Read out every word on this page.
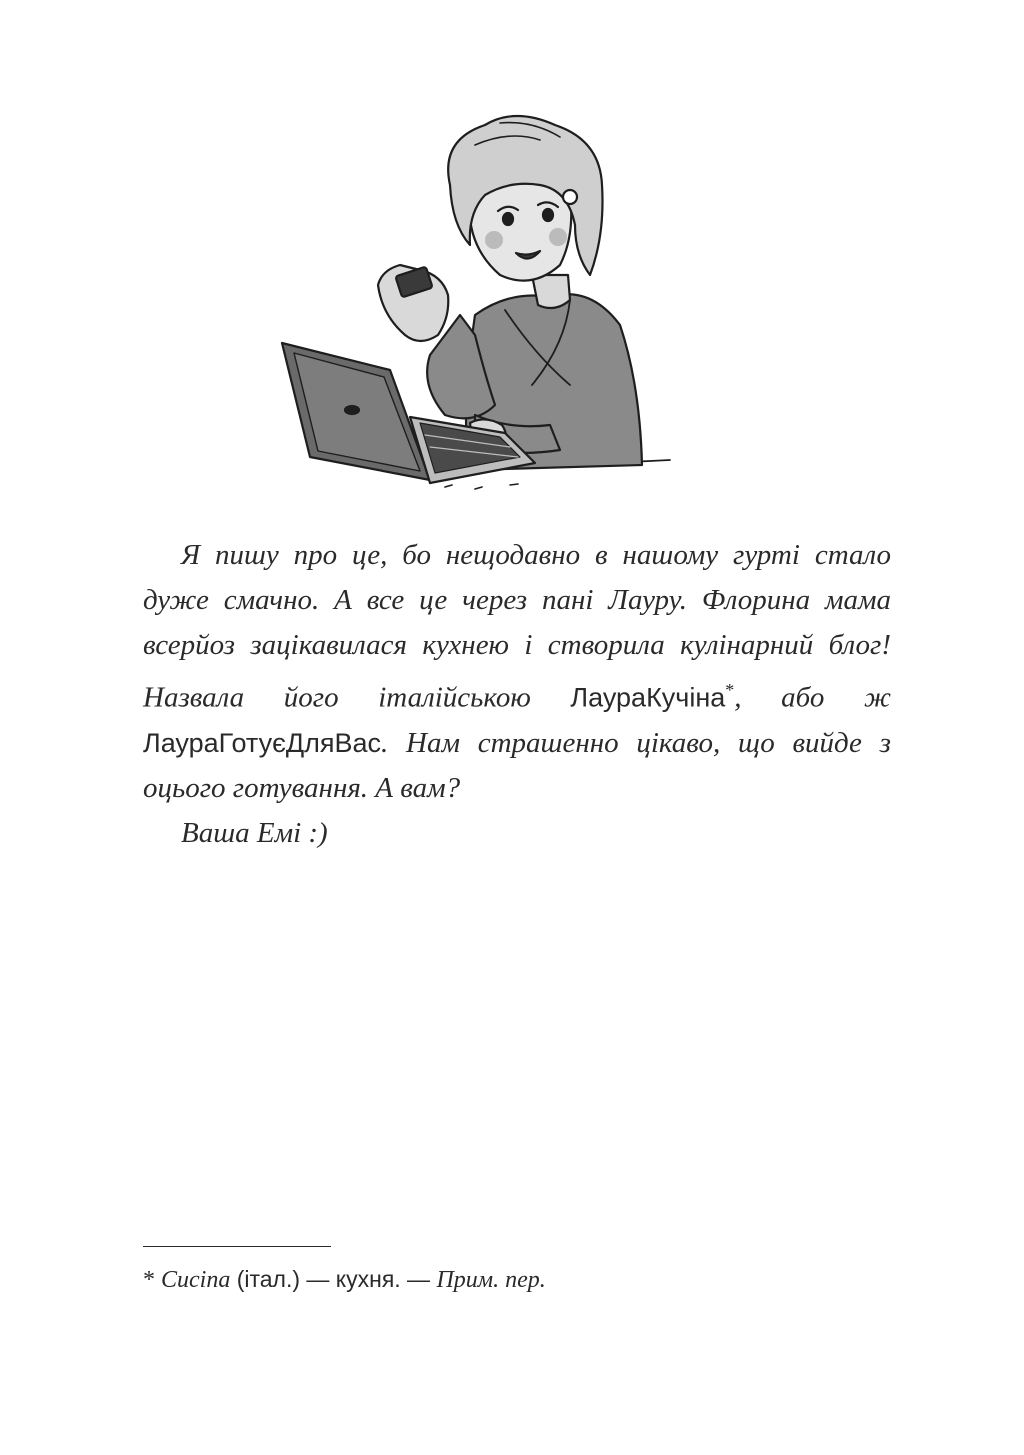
Я пишу про це, бо нещодавно в нашому гурті стало дуже смачно. А все це через пані Лауру. Флорина мама всерйоз зацікавилася кухнею і створила кулінарний блог! Назвала його італійською ЛаураКучіна*, або ж ЛаураГотуєДляВас. Нам страшенно цікаво, що вийде з оцього готування. А вам?

Ваша Емі :)

* Cucina (італ.) — кухня. — Прим. пер.
